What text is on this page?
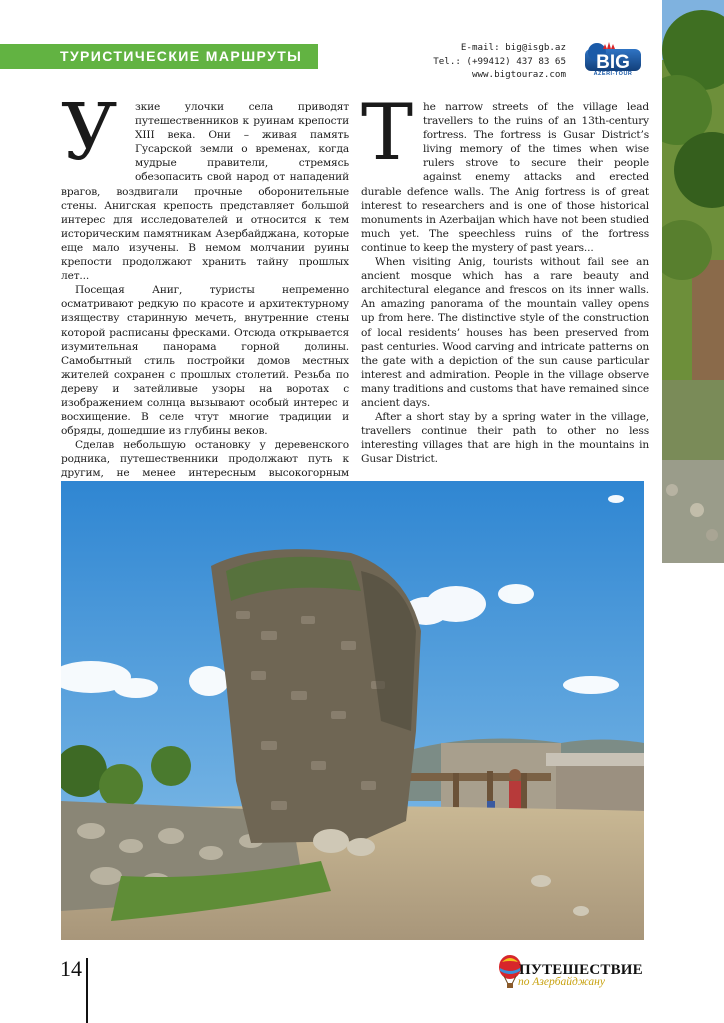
ТУРИСТИЧЕСКИЕ МАРШРУТЫ
E-mail: big@isgb.az
Tel.: (+99412) 437 83 65
www.bigtouraz.com
BIG
AZERI-TOUR
У	зкие улочки села приводят путешественников к руинам крепости XIII века. Они – живая память Гусарской земли о временах, когда мудрые правители, стремясь обезопасить свой народ от нападений врагов, воздвигали прочные оборонительные стены. Анигская крепость представляет большой интерес для исследователей и относится к тем историческим памятникам Азербайджана, которые еще мало изучены. В немом молчании руины крепости продолжают хранить тайну прошлых лет...

Посещая Аниг, туристы непременно осматривают редкую по красоте и архитектурному изяществу старинную мечеть, внутренние стены которой расписаны фресками. Отсюда открывается изумительная панорама горной долины. Самобытный стиль постройки домов местных жителей сохранен с прошлых столетий. Резьба по дереву и затейливые узоры на воротах с изображением солнца вызывают особый интерес и восхищение. В селе чтут многие традиции и обряды, дошедшие из глубины веков.

Сделав небольшую остановку у деревенского родника, путешественники продолжают путь к другим, не менее интересным высокогорным

T he narrow streets of the village lead travellers to the ruins of an 13th-century fortress. The fortress is Gusar District’s living memory of the times when wise rulers strove to secure their people against enemy attacks and erected durable defence walls. The Anig fortress is of great interest to researchers and is one of those historical monuments in Azerbaijan which have not been studied much yet. The speechless ruins of the fortress continue to keep the mystery of past years...

When visiting Anig, tourists without fail see an ancient mosque which has a rare beauty and architectural elegance and frescos on its inner walls. An amazing panorama of the mountain valley opens up from here. The distinctive style of the construction of local residents’ houses has been preserved from past centuries. Wood carving and intricate patterns on the gate with a depiction of the sun cause particular interest and admiration. People in the village observe many traditions and customs that have remained since ancient days.

After a short stay by a spring water in the village, travellers continue their path to other no less interesting villages that are high in the mountains in Gusar District.

14	ПУТЕШЕСТВИЕ
по Азербайджану
